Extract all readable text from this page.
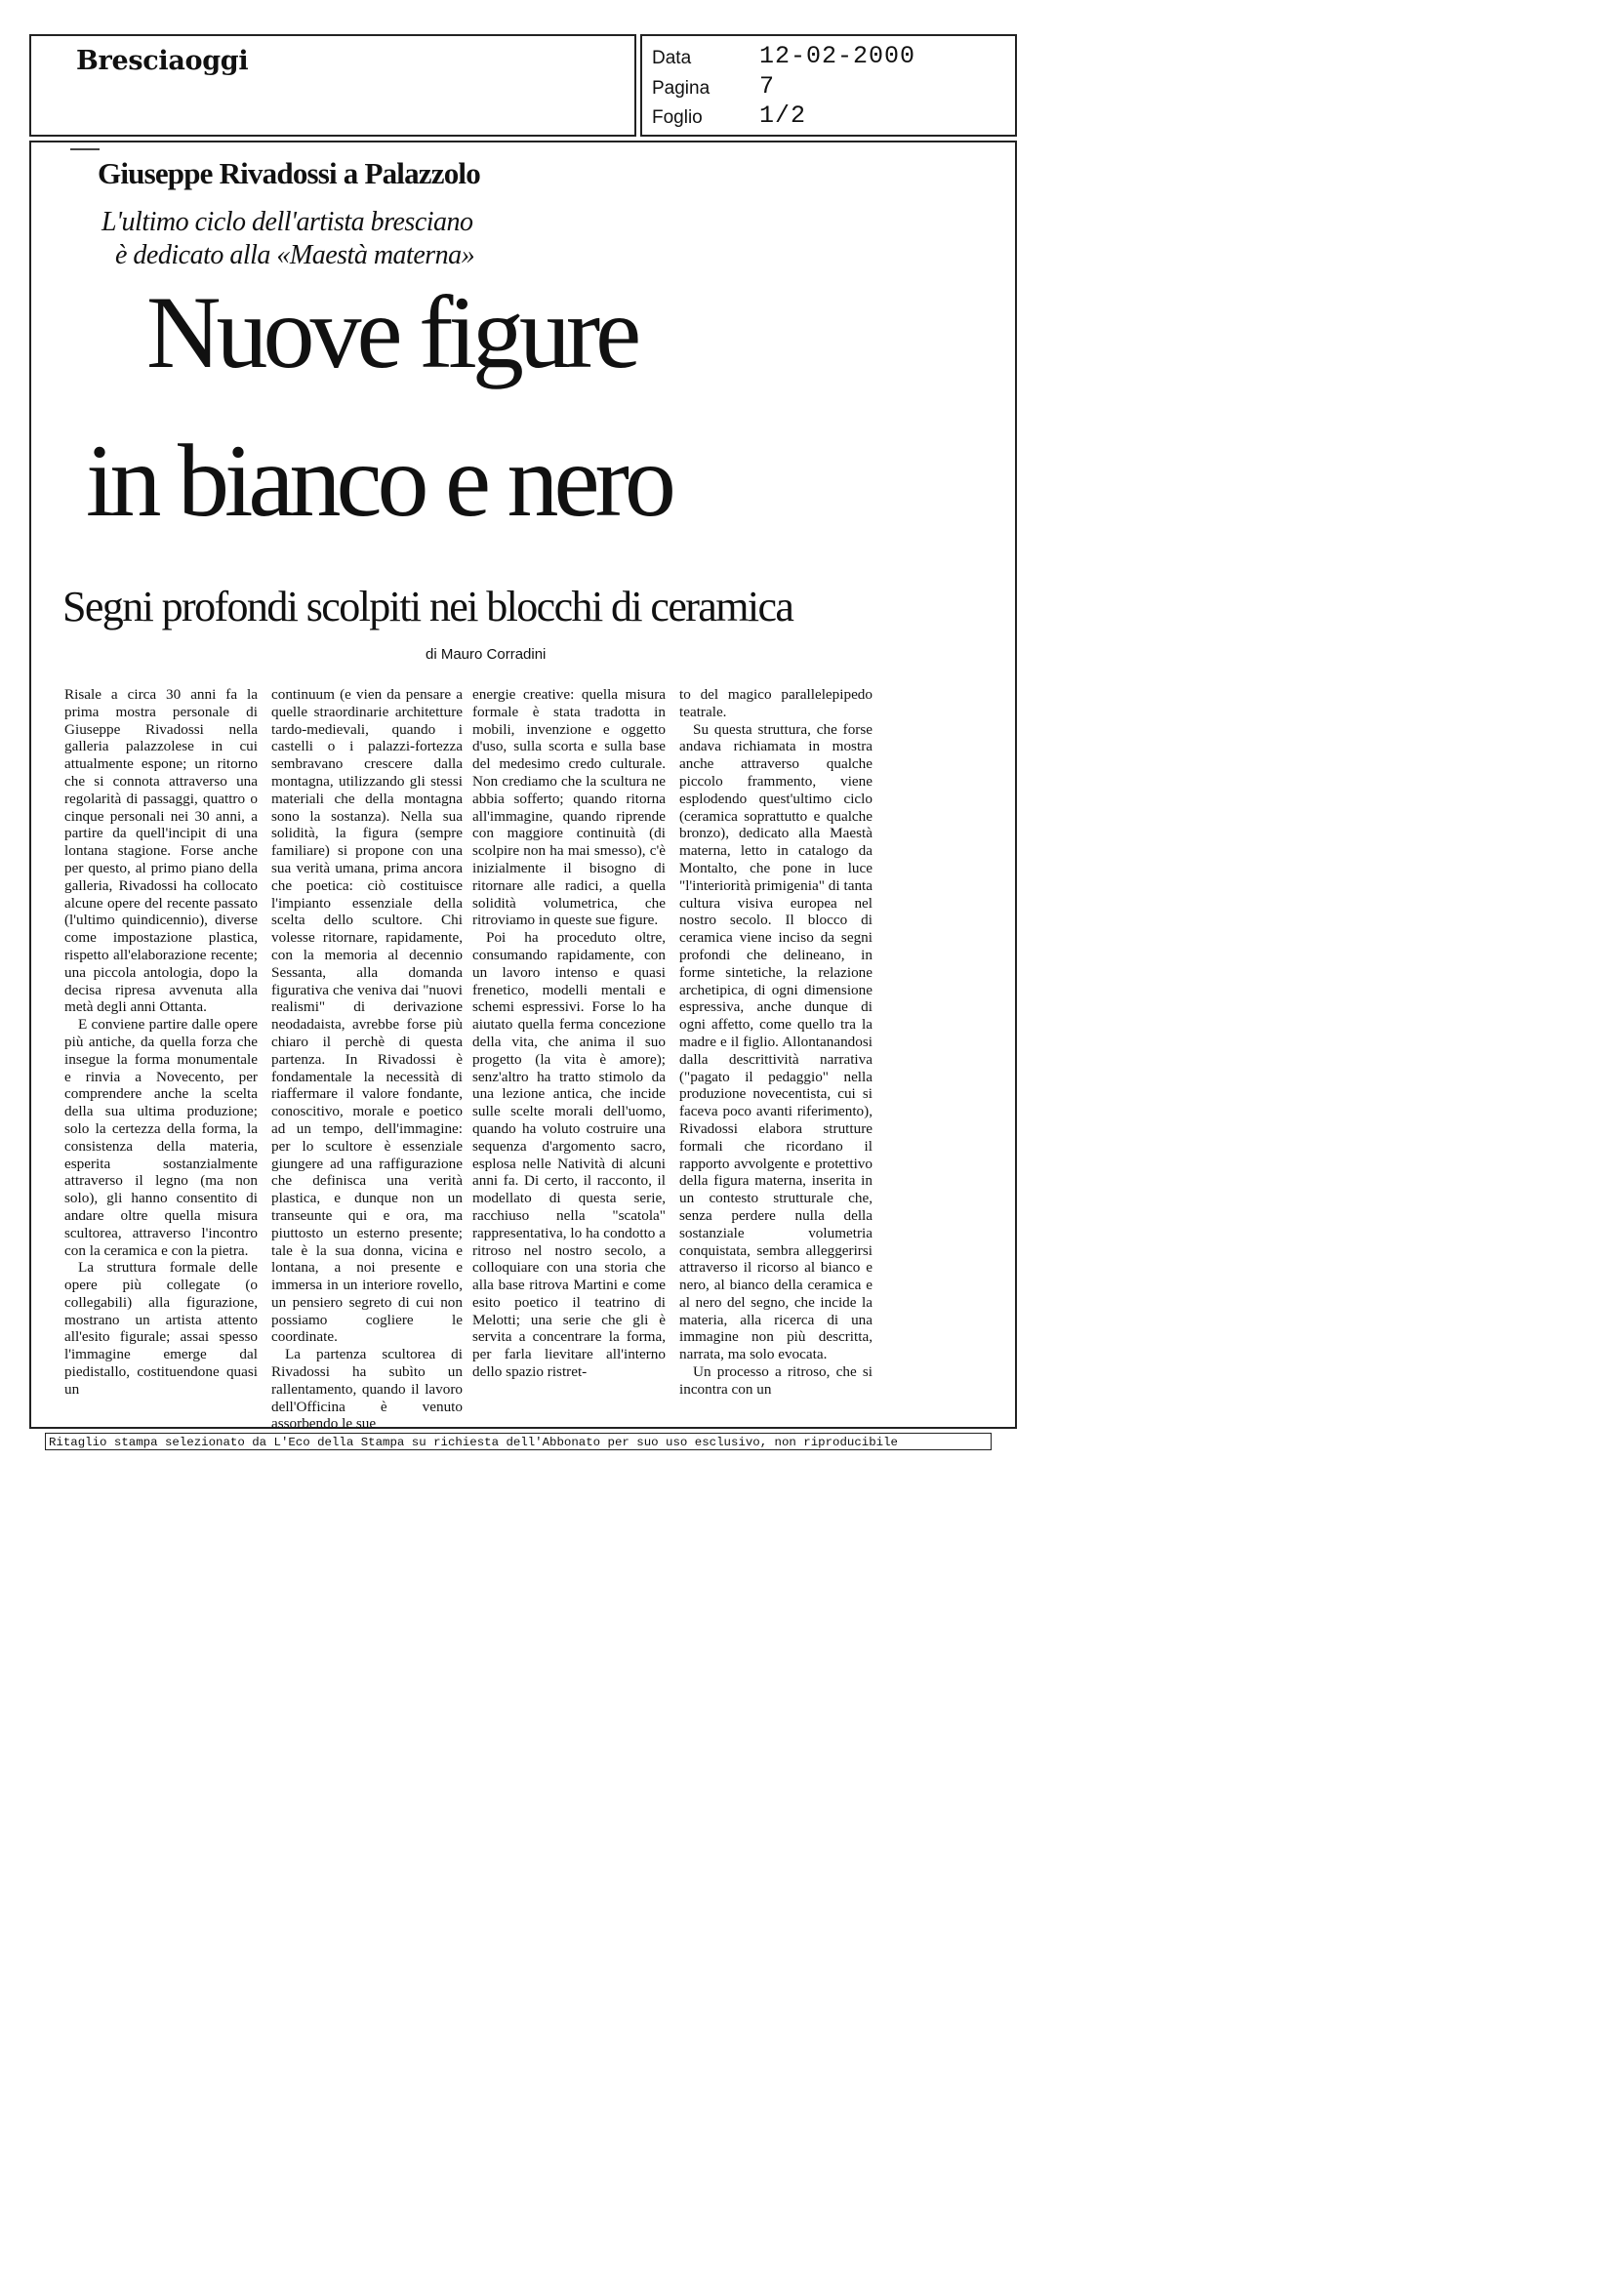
Bresciaoggi	Data	12-02-2000
Pagina 7
Foglio 1/2
Giuseppe Rivadossi a Palazzolo
L'ultimo ciclo dell'artista bresciano
è dedicato alla «Maestà materna»
Nuove figure
in bianco e nero
Segni profondi scolpiti nei blocchi di ceramica
di Mauro Corradini

Risale a circa 30 anni fa la prima mostra personale di Giuseppe Rivadossi nella galleria palazzolese in cui attualmente espone; un ritorno che si connota attraverso una regolarità di passaggi, quattro o cinque personali nei 30 anni, a partire da quell'incipit di una lontana stagione. Forse anche per questo, al primo piano della galleria, Rivadossi ha collocato alcune opere del recente passato (l'ultimo quindicennio), diverse come impostazione plastica, rispetto all'elaborazione recente; una piccola antologia, dopo la decisa ripresa avvenuta alla metà degli anni Ottanta.

E conviene partire dalle opere più antiche, da quella forza che insegue la forma monumentale e rinvia a Novecento, per comprendere anche la scelta della sua ultima produzione; solo la certezza della forma, la consistenza della materia, esperita sostanzialmente attraverso il legno (ma non solo), gli hanno consentito di andare oltre quella misura scultorea, attraverso l'incontro con la ceramica e con la pietra.

La struttura formale delle opere più collegate (o collegabili) alla figurazione, mostrano un artista attento all'esito figurale; assai spesso l'immagine emerge dal piedistallo, costituendone quasi un

continuum (e vien da pensare a quelle straordinarie architetture tardo-medievali, quando i castelli o i palazzi-fortezza sembravano crescere dalla montagna, utilizzando gli stessi materiali che della montagna sono la sostanza). Nella sua solidità, la figura (sempre familiare) si propone con una sua verità umana, prima ancora che poetica: ciò costituisce l'impianto essenziale della scelta dello scultore. Chi volesse ritornare, rapidamente, con la memoria al decennio Sessanta, alla domanda figurativa che veniva dai "nuovi realismi" di derivazione neodadaista, avrebbe forse più chiaro il perchè di questa partenza. In Rivadossi è fondamentale la necessità di riaffermare il valore fondante, conoscitivo, morale e poetico ad un tempo, dell'immagine: per lo scultore è essenziale giungere ad una raffigurazione che definisca una verità plastica, e dunque non un transeunte qui e ora, ma piuttosto un esterno presente; tale è la sua donna, vicina e lontana, a noi presente e immersa in un interiore rovello, un pensiero segreto di cui non possiamo cogliere le coordinate.

La partenza scultorea di Rivadossi ha subìto un rallentamento, quando il lavoro dell'Officina è venuto assorbendo le sue

energie creative: quella misura formale è stata tradotta in mobili, invenzione e oggetto d'uso, sulla scorta e sulla base del medesimo credo culturale. Non crediamo che la scultura ne abbia sofferto; quando ritorna all'immagine, quando riprende con maggiore continuità (di scolpire non ha mai smesso), c'è inizialmente il bisogno di ritornare alle radici, a quella solidità volumetrica, che ritroviamo in queste sue figure.

Poi ha proceduto oltre, consumando rapidamente, con un lavoro intenso e quasi frenetico, modelli mentali e schemi espressivi. Forse lo ha aiutato quella ferma concezione della vita, che anima il suo progetto (la vita è amore); senz'altro ha tratto stimolo da una lezione antica, che incide sulle scelte morali dell'uomo, quando ha voluto costruire una sequenza d'argomento sacro, esplosa nelle Natività di alcuni anni fa. Di certo, il racconto, il modellato di questa serie, racchiuso nella "scatola" rappresentativa, lo ha condotto a ritroso nel nostro secolo, a colloquiare con una storia che alla base ritrova Martini e come esito poetico il teatrino di Melotti; una serie che gli è servita a concentrare la forma, per farla lievitare all'interno dello spazio ristret-

to del magico parallelepipedo teatrale.

Su questa struttura, che forse andava richiamata in mostra anche attraverso qualche piccolo frammento, viene esplodendo quest'ultimo ciclo (ceramica soprattutto e qualche bronzo), dedicato alla Maestà materna, letto in catalogo da Montalto, che pone in luce "l'interiorità primigenia" di tanta cultura visiva europea nel nostro secolo. Il blocco di ceramica viene inciso da segni profondi che delineano, in forme sintetiche, la relazione archetipica, di ogni dimensione espressiva, anche dunque di ogni affetto, come quello tra la madre e il figlio. Allontanandosi dalla descrittività narrativa ("pagato il pedaggio" nella produzione novecentista, cui si faceva poco avanti riferimento), Rivadossi elabora strutture formali che ricordano il rapporto avvolgente e protettivo della figura materna, inserita in un contesto strutturale che, senza perdere nulla della sostanziale volumetria conquistata, sembra alleggerirsi attraverso il ricorso al bianco e nero, al bianco della ceramica e al nero del segno, che incide la materia, alla ricerca di una immagine non più descritta, narrata, ma solo evocata.

Un processo a ritroso, che si incontra con un

Ritaglio stampa selezionato da L'Eco della Stampa su richiesta dell'Abbonato per suo uso esclusivo, non riproducibile
